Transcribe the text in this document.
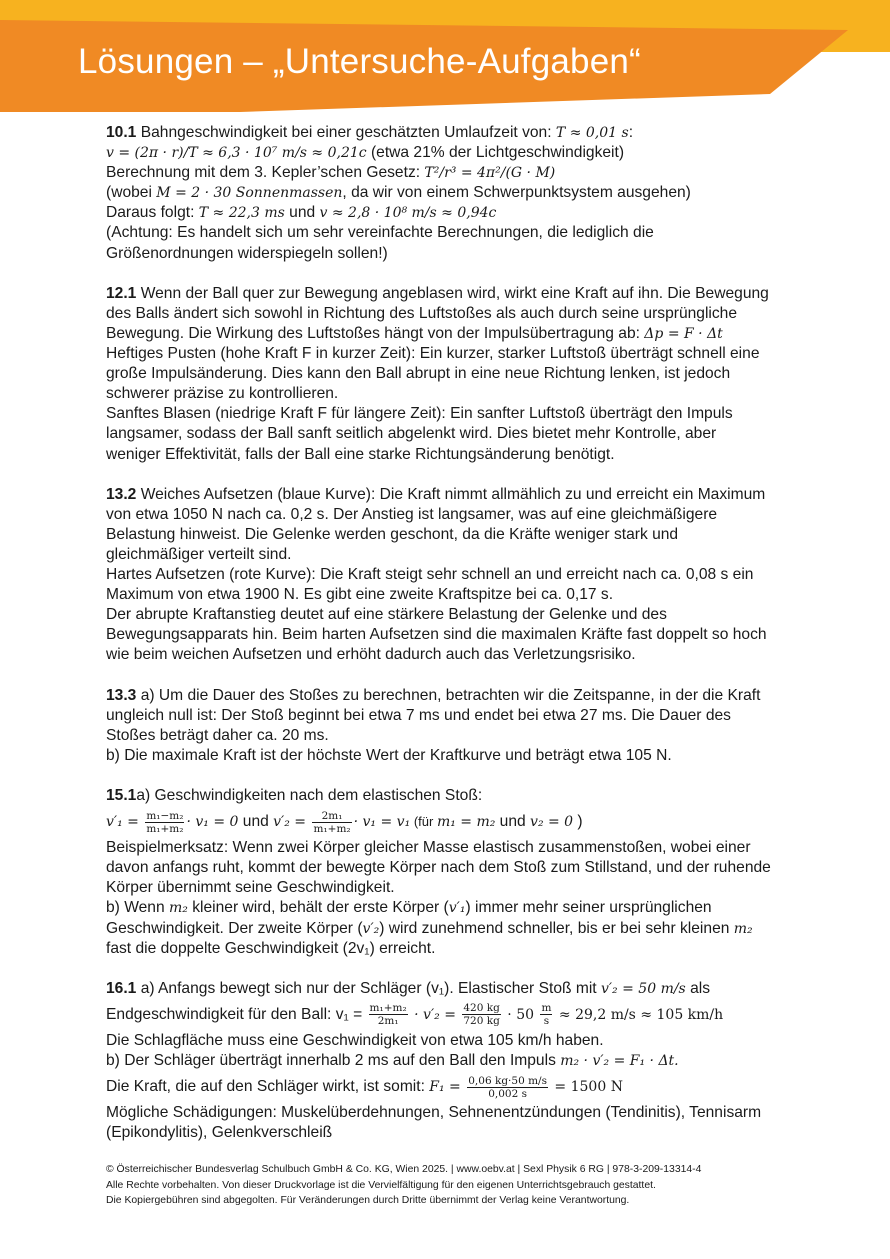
Lösungen – „Untersuche-Aufgaben“
10.1 Bahngeschwindigkeit bei einer geschätzten Umlaufzeit von: T ≈ 0,01 s:
v = (2π · r)/T ≈ 6,3 · 10⁷ m/s ≈ 0,21c (etwa 21% der Lichtgeschwindigkeit)
Berechnung mit dem 3. Kepler’schen Gesetz: T²/r³ = 4π²/(G · M)
(wobei M = 2 · 30 Sonnenmassen, da wir von einem Schwerpunktsystem ausgehen)
Daraus folgt: T ≈ 22,3 ms und v ≈ 2,8 · 10⁸ m/s ≈ 0,94c
(Achtung: Es handelt sich um sehr vereinfachte Berechnungen, die lediglich die
Größenordnungen widerspiegeln sollen!)
12.1 Wenn der Ball quer zur Bewegung angeblasen wird, wirkt eine Kraft auf ihn. Die Bewegung
des Balls ändert sich sowohl in Richtung des Luftstoßes als auch durch seine ursprüngliche
Bewegung. Die Wirkung des Luftstoßes hängt von der Impulsübertragung ab: Δp = F · Δt
Heftiges Pusten (hohe Kraft F in kurzer Zeit): Ein kurzer, starker Luftstoß überträgt schnell eine
große Impulsänderung. Dies kann den Ball abrupt in eine neue Richtung lenken, ist jedoch
schwerer präzise zu kontrollieren.
Sanftes Blasen (niedrige Kraft F für längere Zeit): Ein sanfter Luftstoß überträgt den Impuls
langsamer, sodass der Ball sanft seitlich abgelenkt wird. Dies bietet mehr Kontrolle, aber
weniger Effektivität, falls der Ball eine starke Richtungsänderung benötigt.
13.2 Weiches Aufsetzen (blaue Kurve): Die Kraft nimmt allmählich zu und erreicht ein Maximum
von etwa 1050 N nach ca. 0,2 s. Der Anstieg ist langsamer, was auf eine gleichmäßigere
Belastung hinweist. Die Gelenke werden geschont, da die Kräfte weniger stark und
gleichmäßiger verteilt sind.
Hartes Aufsetzen (rote Kurve): Die Kraft steigt sehr schnell an und erreicht nach ca. 0,08 s ein
Maximum von etwa 1900 N. Es gibt eine zweite Kraftspitze bei ca. 0,17 s.
Der abrupte Kraftanstieg deutet auf eine stärkere Belastung der Gelenke und des
Bewegungsapparats hin. Beim harten Aufsetzen sind die maximalen Kräfte fast doppelt so hoch
wie beim weichen Aufsetzen und erhöht dadurch auch das Verletzungsrisiko.
13.3 a) Um die Dauer des Stoßes zu berechnen, betrachten wir die Zeitspanne, in der die Kraft
ungleich null ist: Der Stoß beginnt bei etwa 7 ms und endet bei etwa 27 ms. Die Dauer des
Stoßes beträgt daher ca. 20 ms.
b) Die maximale Kraft ist der höchste Wert der Kraftkurve und beträgt etwa 105 N.
15.1a) Geschwindigkeiten nach dem elastischen Stoß:
$v'_1 = \frac{\text{m₁−m₂}}{\text{m₁+m₂}} \cdot v_1 = 0$ und $v'_2 = \frac{\text{2m₁}}{\text{m₁+m₂}} \cdot v_1 = v_1$ (für m₁ = m₂ und v₂ = 0 )
Beispielmerksatz: Wenn zwei Körper gleicher Masse elastisch zusammenstoßen, wobei einer
davon anfangs ruht, kommt der bewegte Körper nach dem Stoß zum Stillstand, und der ruhende
Körper übernimmt seine Geschwindigkeit.
b) Wenn m₂ kleiner wird, behält der erste Körper (v′₁) immer mehr seiner ursprünglichen
Geschwindigkeit. Der zweite Körper (v′₂) wird zunehmend schneller, bis er bei sehr kleinen m₂
fast die doppelte Geschwindigkeit (2v₁) erreicht.
16.1 a) Anfangs bewegt sich nur der Schläger (v₁). Elastischer Stoß mit v′₂ = 50 m/s als
Endgeschwindigkeit für den Ball: $v_1 = \frac{\text{m₁+m₂}}{\text{2m₁}} \cdot v'_2 = \frac{420 kg}{720 kg} \cdot 50 \frac{m}{s} \approx 29,2$ m/s ≈ 105 km/h
Die Schlagfläche muss eine Geschwindigkeit von etwa 105 km/h haben.
b) Der Schläger überträgt innerhalb 2 ms auf den Ball den Impuls m₂ · v′₂ = F₁ · Δt.
Die Kraft, die auf den Schläger wirkt, ist somit: $F_1 = \frac{0,06 kg\cdot 50 m/s}{0,002 s} = 1500$ N
Mögliche Schädigungen: Muskelüberdehnungen, Sehnenentzündungen (Tendinitis), Tennisarm
(Epikondylitis), Gelenkverschleiß
© Österreichischer Bundesverlag Schulbuch GmbH & Co. KG, Wien 2025. | www.oebv.at | Sexl Physik 6 RG | 978-3-209-13314-4
Alle Rechte vorbehalten. Von dieser Druckvorlage ist die Vervielfältigung für den eigenen Unterrichtsgebrauch gestattet.
Die Kopiergebühren sind abgegolten. Für Veränderungen durch Dritte übernimmt der Verlag keine Verantwortung.
